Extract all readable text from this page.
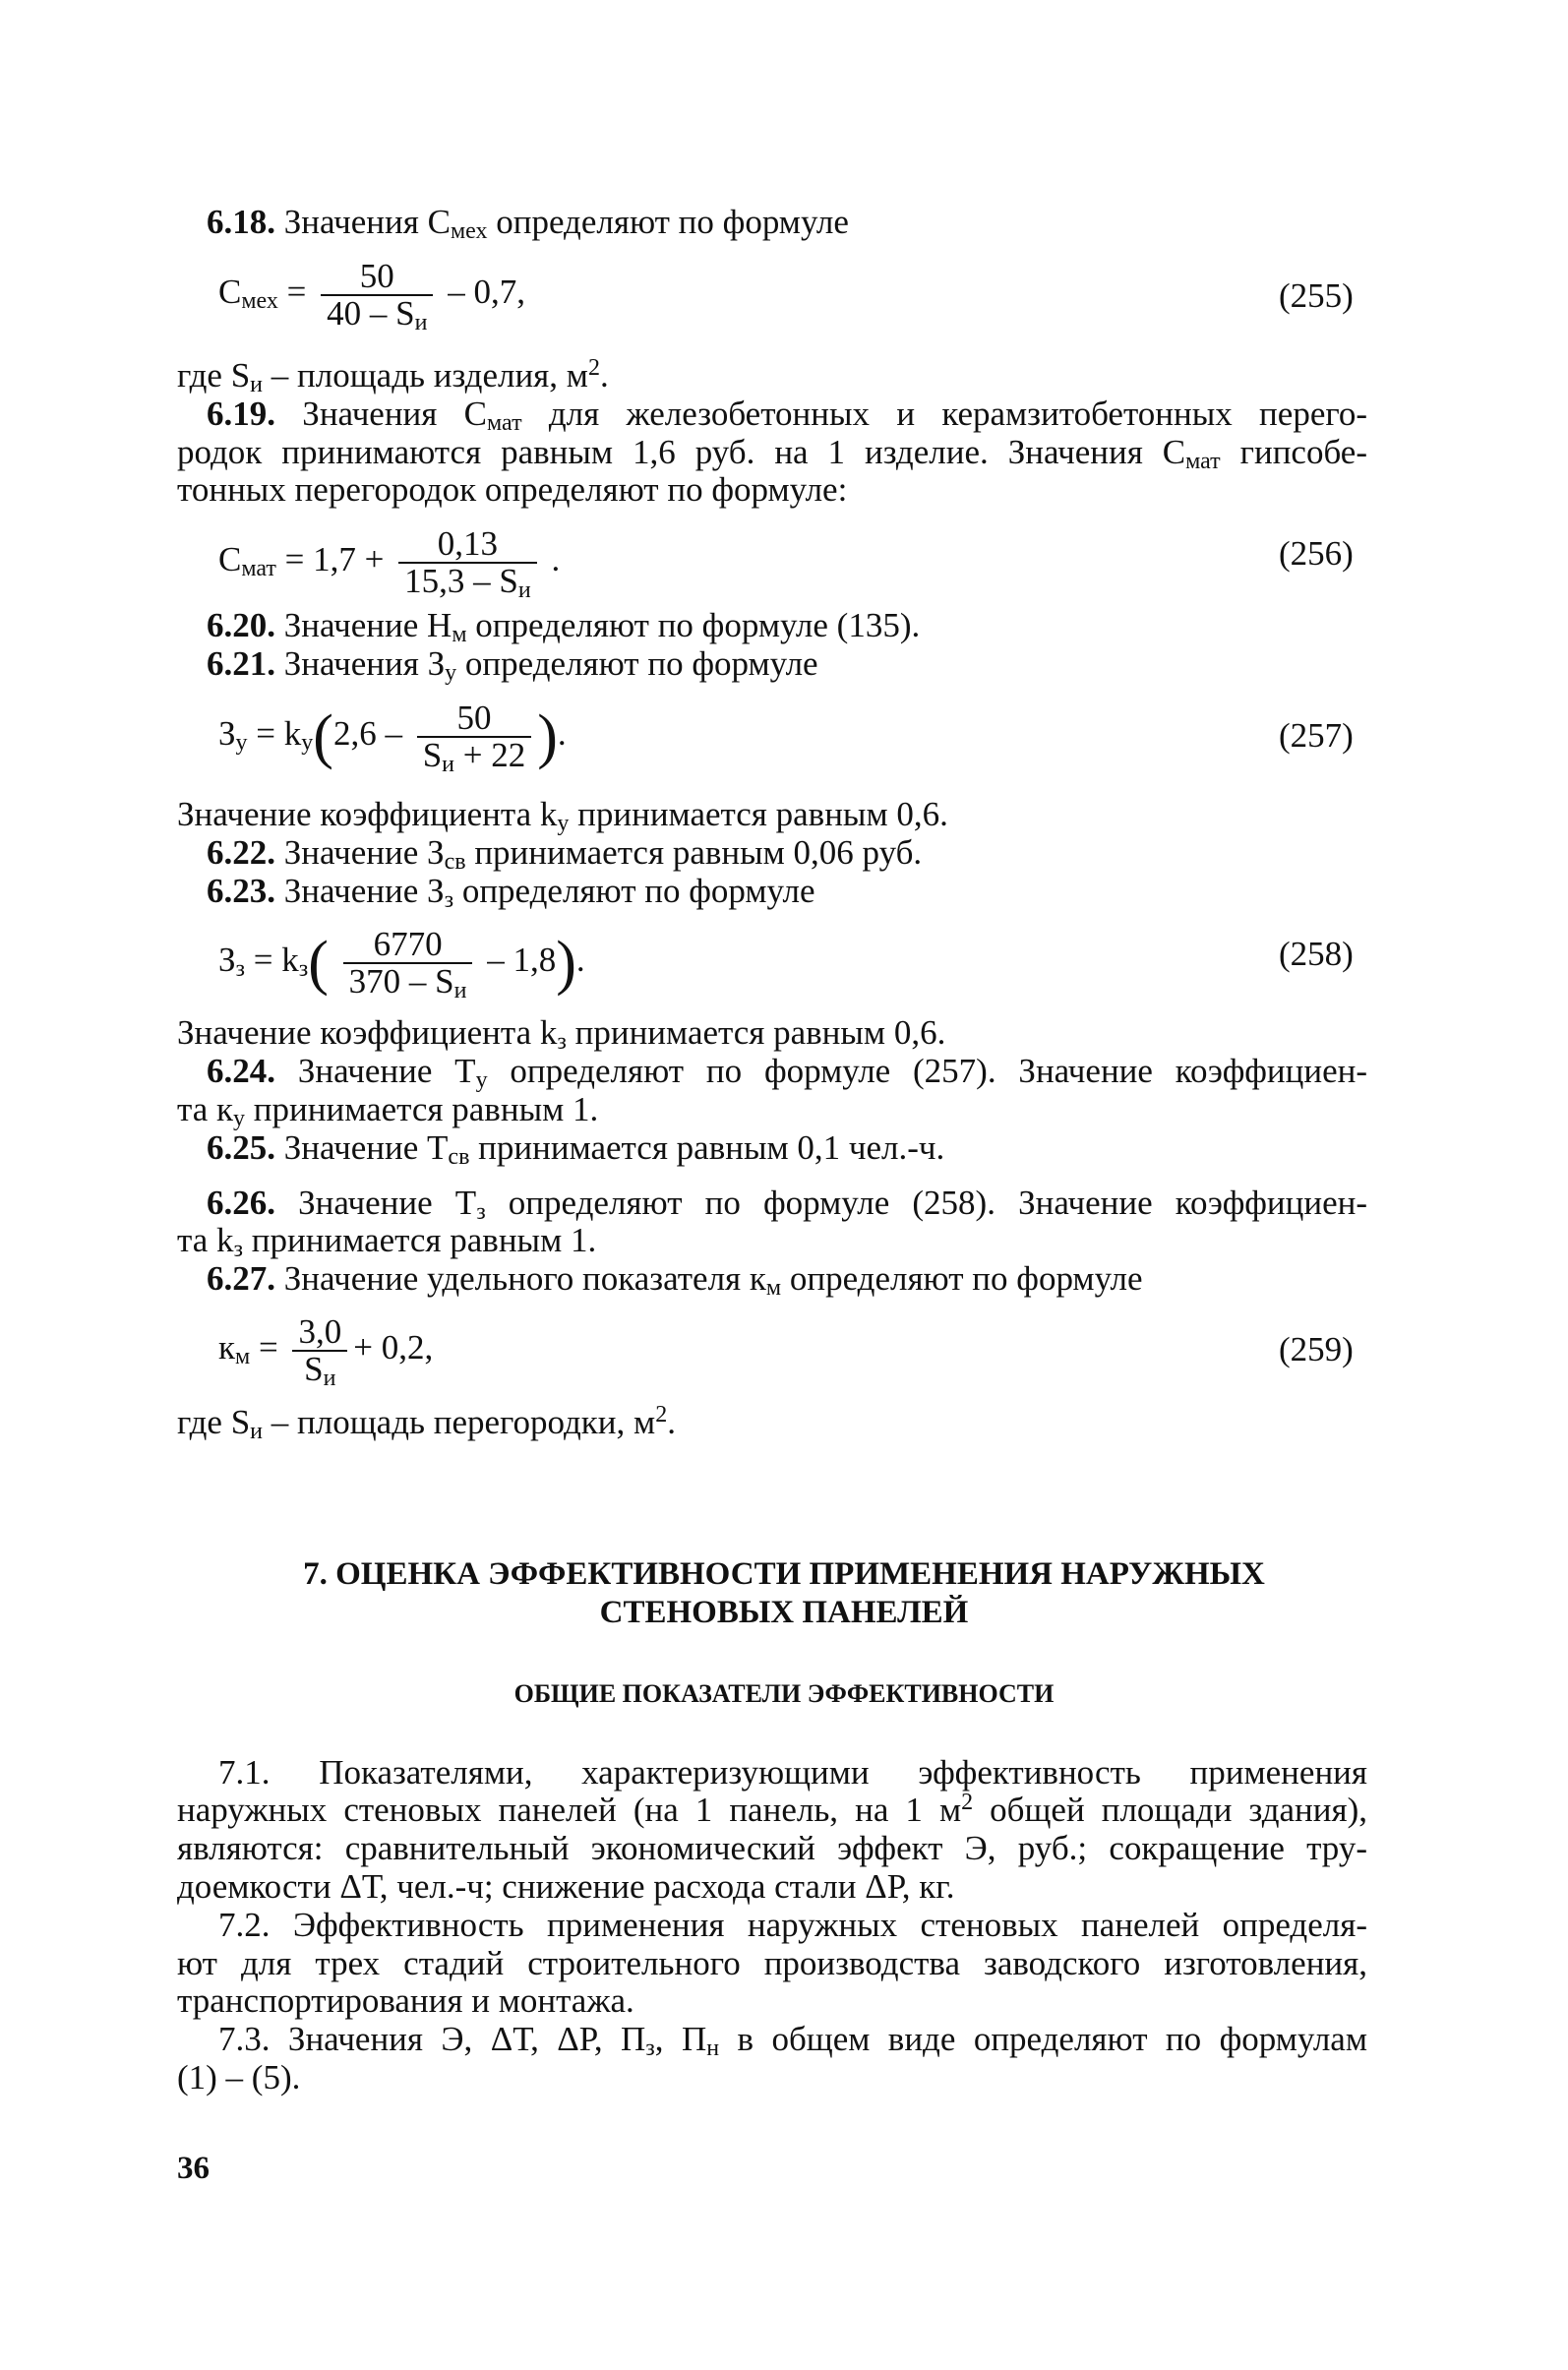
6.18. Значения $С_{мех}$ определяют по формуле
$С_{мех} = \frac{50}{40 - S_и} - 0,7$,	(255)
где $S_и$ – площадь изделия, $м^2$.
6.19. Значения $С_{мат}$ для железобетонных и керамзитобетонных перего-
родок принимаются равным 1,6 руб. на 1 изделие. Значения $С_{мат}$ гипсобе-
тонных перегородок определяют по формуле:
$С_{мат} = 1,7 + \frac{0,13}{15,3 - S_и}$ .	(256)
6.20. Значение $Н_м$ определяют по формуле (135).
6.21. Значения $З_у$ определяют по формуле
$З_у = k_у(2,6 - \frac{50}{S_и + 22}$ ).	(257)
Значение коэффициента $k_у$ принимается равным 0,6.
6.22. Значение $З_{св}$ принимается равным 0,06 руб.
6.23. Значение $З_з$ определяют по формуле
$З_з = k_з( \frac{6770}{370 - S_и} - 1,8)$.	(258)
Значение коэффициента $k_з$ принимается равным 0,6.
6.24. Значение $Т_у$ определяют по формуле (257). Значение коэффициен-
та $к_у$ принимается равным 1.
6.25. Значение $Т_{св}$ принимается равным 0,1 чел.-ч.
6.26. Значение $Т_з$ определяют по формуле (258). Значение коэффициен-
та $k_з$ принимается равным 1.
6.27. Значение удельного показателя $к_м$ определяют по формуле
$к_м = \frac{3,0}{S_и} + 0,2$,	(259)
где $S_и$ – площадь перегородки, $м^2$.
7. ОЦЕНКА ЭФФЕКТИВНОСТИ ПРИМЕНЕНИЯ НАРУЖНЫХ
СТЕНОВЫХ ПАНЕЛЕЙ
ОБЩИЕ ПОКАЗАТЕЛИ ЭФФЕКТИВНОСТИ
7.1. Показателями, характеризующими эффективность применения
наружных стеновых панелей (на 1 панель, на 1 $м^2$ общей площади здания),
являются: сравнительный экономический эффект Э, руб.; сокращение тру-
доемкости ΔТ, чел.-ч; снижение расхода стали ΔР, кг.
7.2. Эффективность применения наружных стеновых панелей определя-
ют для трех стадий строительного производства заводского изготовления,
транспортирования и монтажа.
7.3. Значения Э, ΔТ, ΔР, $П_з$, $П_н$ в общем виде определяют по формулам
(1) – (5).
36
